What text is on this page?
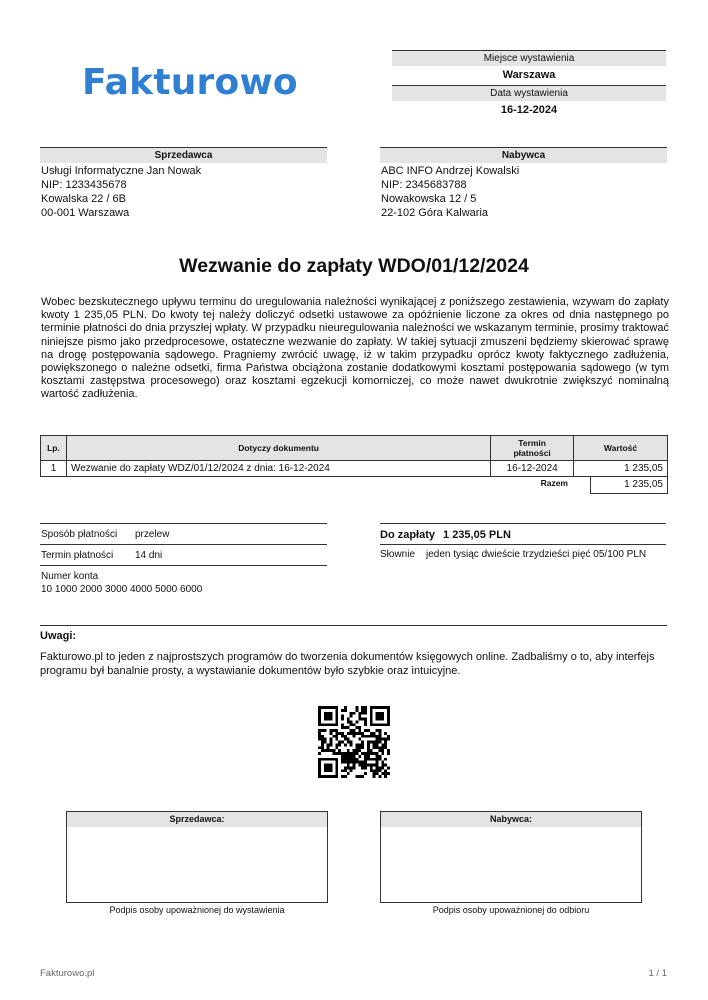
Fakturowo
Miejsce wystawienia
Warszawa
Data wystawienia
16-12-2024
Sprzedawca
Usługi Informatyczne Jan Nowak
NIP: 1233435678
Kowalska 22 / 6B
00-001 Warszawa
Nabywca
ABC INFO Andrzej Kowalski
NIP: 2345683788
Nowakowska 12 / 5
22-102 Góra Kalwaria
Wezwanie do zapłaty WDO/01/12/2024
Wobec bezskutecznego upływu terminu do uregulowania należności wynikającej z poniższego zestawienia, wzywam do zapłaty kwoty 1 235,05 PLN. Do kwoty tej należy doliczyć odsetki ustawowe za opóźnienie liczone za okres od dnia następnego po terminie płatności do dnia przyszłej wpłaty. W przypadku nieuregulowania należności we wskazanym terminie, prosimy traktować niniejsze pismo jako przedprocesowe, ostateczne wezwanie do zapłaty. W takiej sytuacji zmuszeni będziemy skierować sprawę na drogę postępowania sądowego. Pragniemy zwrócić uwagę, iż w takim przypadku oprócz kwoty faktycznego zadłużenia, powiększonego o należne odsetki, firma Państwa obciążona zostanie dodatkowymi kosztami postępowania sądowego (w tym kosztami zastępstwa procesowego) oraz kosztami egzekucji komorniczej, co może nawet dwukrotnie zwiększyć nominalną wartość zadłużenia.
Lp.	Dotyczy dokumentu	Termin
płatności	Wartość
1	Wezwanie do zapłaty WDZ/01/12/2024 z dnia: 16-12-2024	16-12-2024	1 235,05
Razem	1 235,05
Sposób płatności przelew
Termin płatności 14 dni
Numer konta
10 1000 2000 3000 4000 5000 6000
Do zapłaty 1 235,05 PLN
Słownie	jeden tysiąc dwieście trzydzieści pięć 05/100 PLN
Uwagi:
Fakturowo.pl to jeden z najprostszych programów do tworzenia dokumentów księgowych online. Zadbaliśmy o to, aby interfejs programu był banalnie prosty, a wystawianie dokumentów było szybkie oraz intuicyjne.
Sprzedawca:
Podpis osoby upoważnionej do wystawienia
Nabywca:
Podpis osoby upoważnionej do odbioru
Fakturowo.pl	1 / 1
